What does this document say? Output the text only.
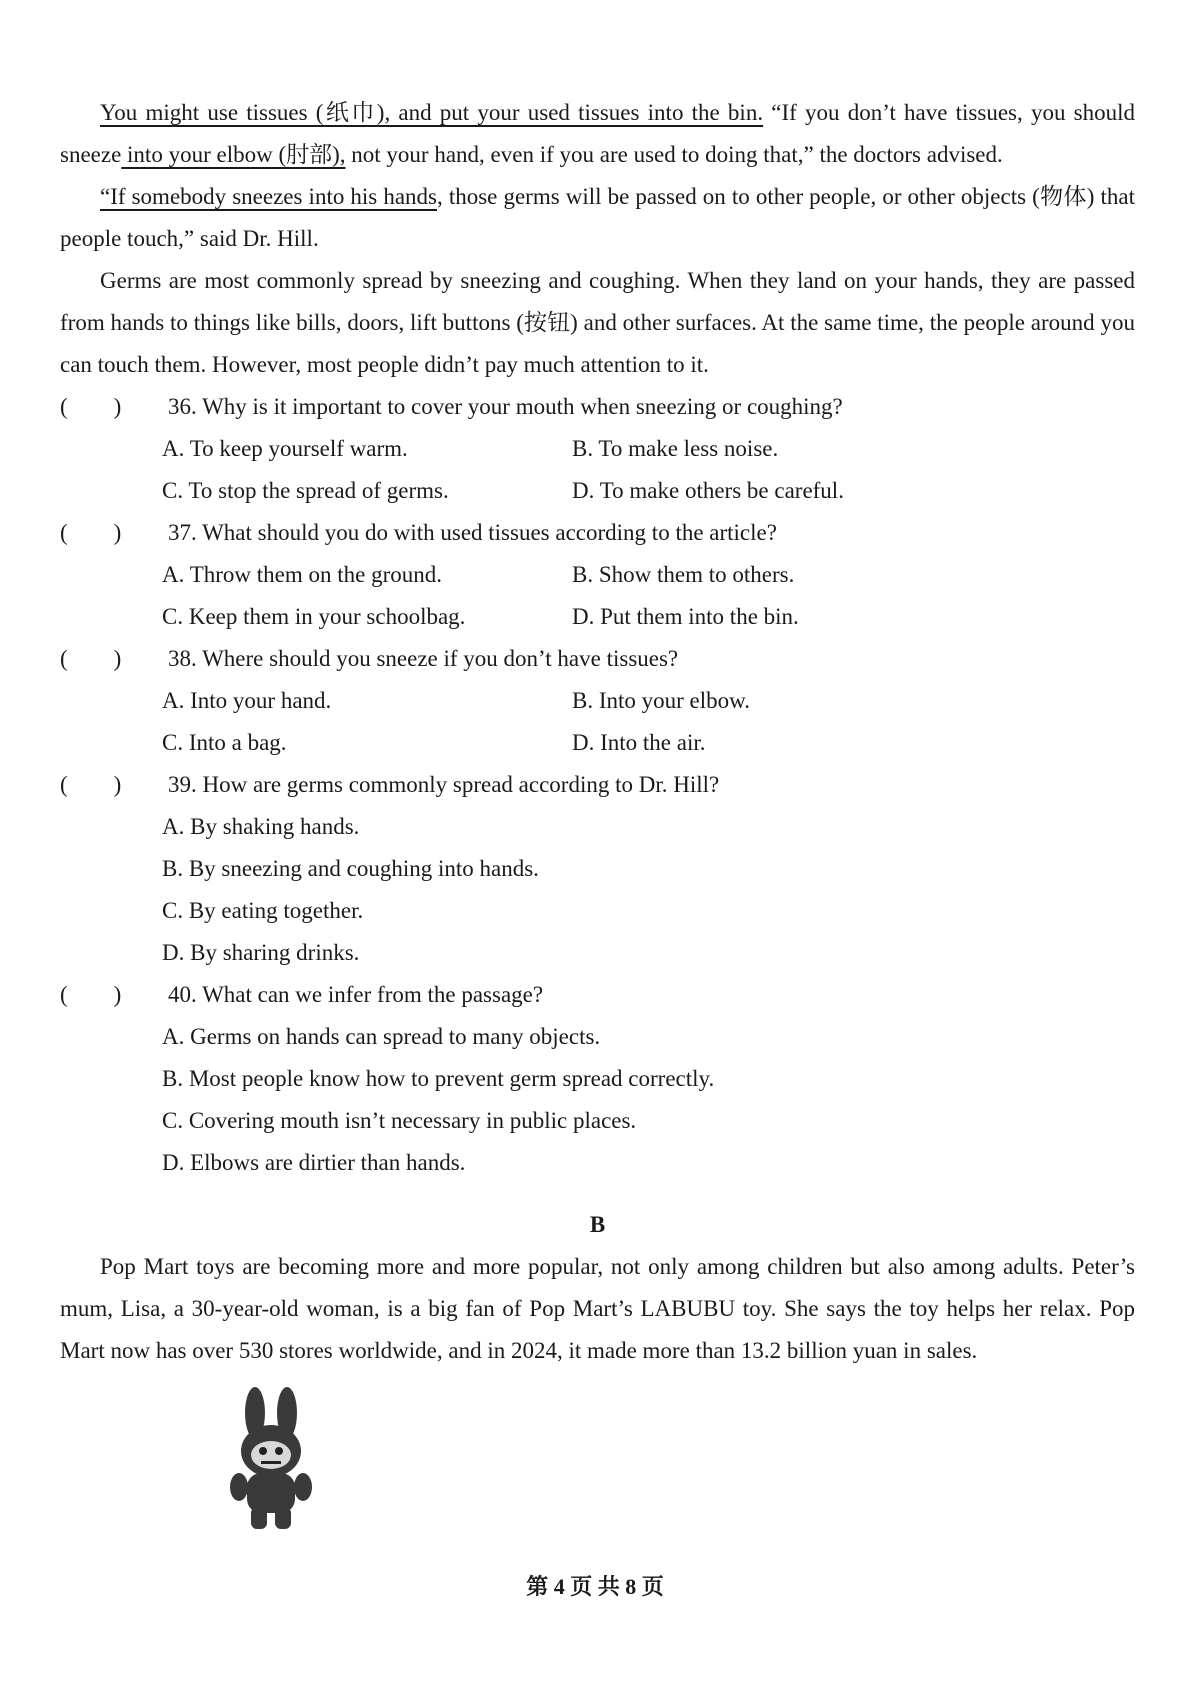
You might use tissues (纸巾), and put your used tissues into the bin. “If you don’t have tissues, you should sneeze into your elbow (肘部), not your hand, even if you are used to doing that,” the doctors advised.

“If somebody sneezes into his hands, those germs will be passed on to other people, or other objects (物体) that people touch,” said Dr. Hill.

Germs are most commonly spread by sneezing and coughing. When they land on your hands, they are passed from hands to things like bills, doors, lift buttons (按钮) and other surfaces. At the same time, the people around you can touch them. However, most people didn’t pay much attention to it.

(        )	36. Why is it important to cover your mouth when sneezing or coughing?
A. To keep yourself warm.	B. To make less noise.
C. To stop the spread of germs.	D. To make others be careful.
(        )	37. What should you do with used tissues according to the article?
A. Throw them on the ground.	B. Show them to others.
C. Keep them in your schoolbag.	D. Put them into the bin.
(        )	38. Where should you sneeze if you don’t have tissues?
A. Into your hand.	B. Into your elbow.
C. Into a bag.	D. Into the air.
(        )	39. How are germs commonly spread according to Dr. Hill?
A. By shaking hands.
B. By sneezing and coughing into hands.
C. By eating together.
D. By sharing drinks.
(        )	40. What can we infer from the passage?
A. Germs on hands can spread to many objects.
B. Most people know how to prevent germ spread correctly.
C. Covering mouth isn’t necessary in public places.
D. Elbows are dirtier than hands.
B

Pop Mart toys are becoming more and more popular, not only among children but also among adults. Peter’s mum, Lisa, a 30-year-old woman, is a big fan of Pop Mart’s LABUBU toy. She says the toy helps her relax. Pop Mart now has over 530 stores worldwide, and in 2024, it made more than 13.2 billion yuan in sales.

第 4 页 共 8 页
